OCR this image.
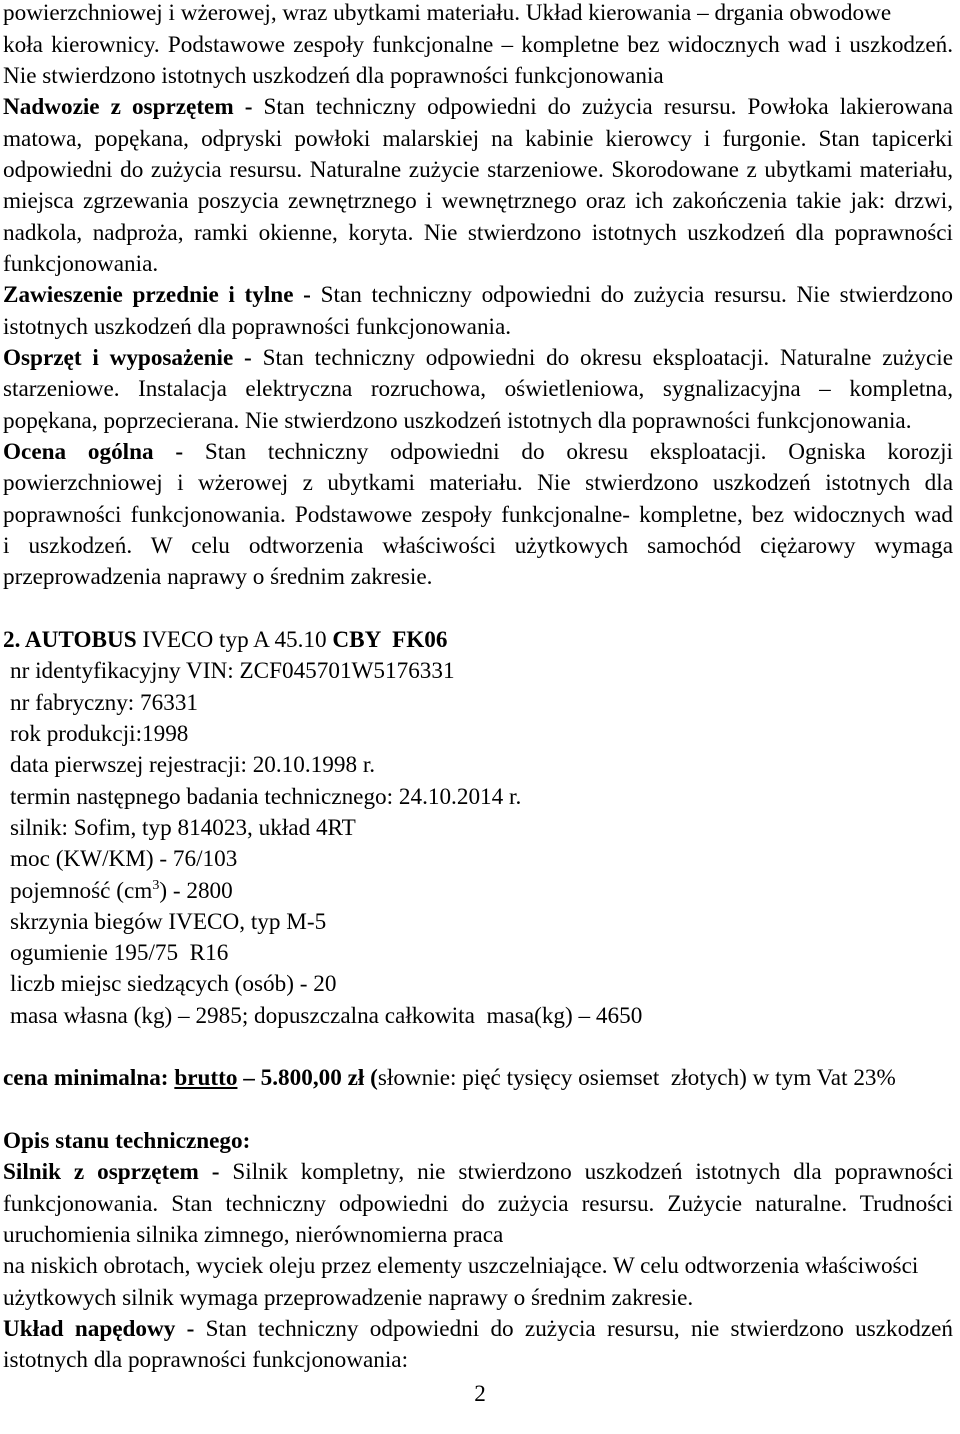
powierzchniowej i wżerowej, wraz ubytkami materiału. Układ kierowania – drgania obwodowe
koła kierownicy. Podstawowe zespoły funkcjonalne – kompletne bez widocznych wad i uszkodzeń.
Nie stwierdzono istotnych uszkodzeń dla poprawności funkcjonowania
Nadwozie z osprzętem - Stan techniczny odpowiedni do zużycia resursu. Powłoka lakierowana
matowa, popękana, odpryski powłoki malarskiej na kabinie kierowcy i furgonie. Stan tapicerki
odpowiedni do zużycia resursu. Naturalne zużycie starzeniowe. Skorodowane z ubytkami materiału,
miejsca zgrzewania poszycia zewnętrznego i wewnętrznego oraz ich zakończenia takie jak: drzwi,
nadkola, nadproża, ramki okienne, koryta. Nie stwierdzono istotnych uszkodzeń dla poprawności
funkcjonowania.
Zawieszenie przednie i tylne - Stan techniczny odpowiedni do zużycia resursu. Nie stwierdzono
istotnych uszkodzeń dla poprawności funkcjonowania.
Osprzęt i wyposażenie - Stan techniczny odpowiedni do okresu eksploatacji. Naturalne zużycie
starzeniowe. Instalacja elektryczna rozruchowa, oświetleniowa, sygnalizacyjna – kompletna,
popękana, poprzecierana. Nie stwierdzono uszkodzeń istotnych dla poprawności funkcjonowania.
Ocena ogólna - Stan techniczny odpowiedni do okresu eksploatacji. Ogniska korozji
powierzchniowej i wżerowej z ubytkami materiału. Nie stwierdzono uszkodzeń istotnych dla
poprawności funkcjonowania. Podstawowe zespoły funkcjonalne- kompletne, bez widocznych wad
i uszkodzeń. W celu odtworzenia właściwości użytkowych samochód ciężarowy wymaga
przeprowadzenia naprawy o średnim zakresie.
2. AUTOBUS IVECO typ A 45.10 CBY  FK06
nr identyfikacyjny VIN: ZCF045701W5176331
nr fabryczny: 76331
rok produkcji:1998
data pierwszej rejestracji: 20.10.1998 r.
termin następnego badania technicznego: 24.10.2014 r.
silnik: Sofim, typ 814023, układ 4RT
moc (KW/KM) - 76/103
pojemność $(cm^3) - 2800$
skrzynia biegów IVECO, typ M-5
ogumienie 195/75  R16
liczb miejsc siedzących (osób) - 20
masa własna (kg) – 2985; dopuszczalna całkowita  masa(kg) – 4650
cena minimalna: brutto – 5.800,00 zł (słownie: pięć tysięcy osiemset  złotych) w tym Vat 23%
Opis stanu technicznego:
Silnik z osprzętem - Silnik kompletny, nie stwierdzono uszkodzeń istotnych dla poprawności
funkcjonowania. Stan techniczny odpowiedni do zużycia resursu. Zużycie naturalne. Trudności
uruchomienia silnika zimnego, nierównomierna praca
na niskich obrotach, wyciek oleju przez elementy uszczelniające. W celu odtworzenia właściwości
użytkowych silnik wymaga przeprowadzenie naprawy o średnim zakresie.
Układ napędowy - Stan techniczny odpowiedni do zużycia resursu, nie stwierdzono uszkodzeń
istotnych dla poprawności funkcjonowania:
2
